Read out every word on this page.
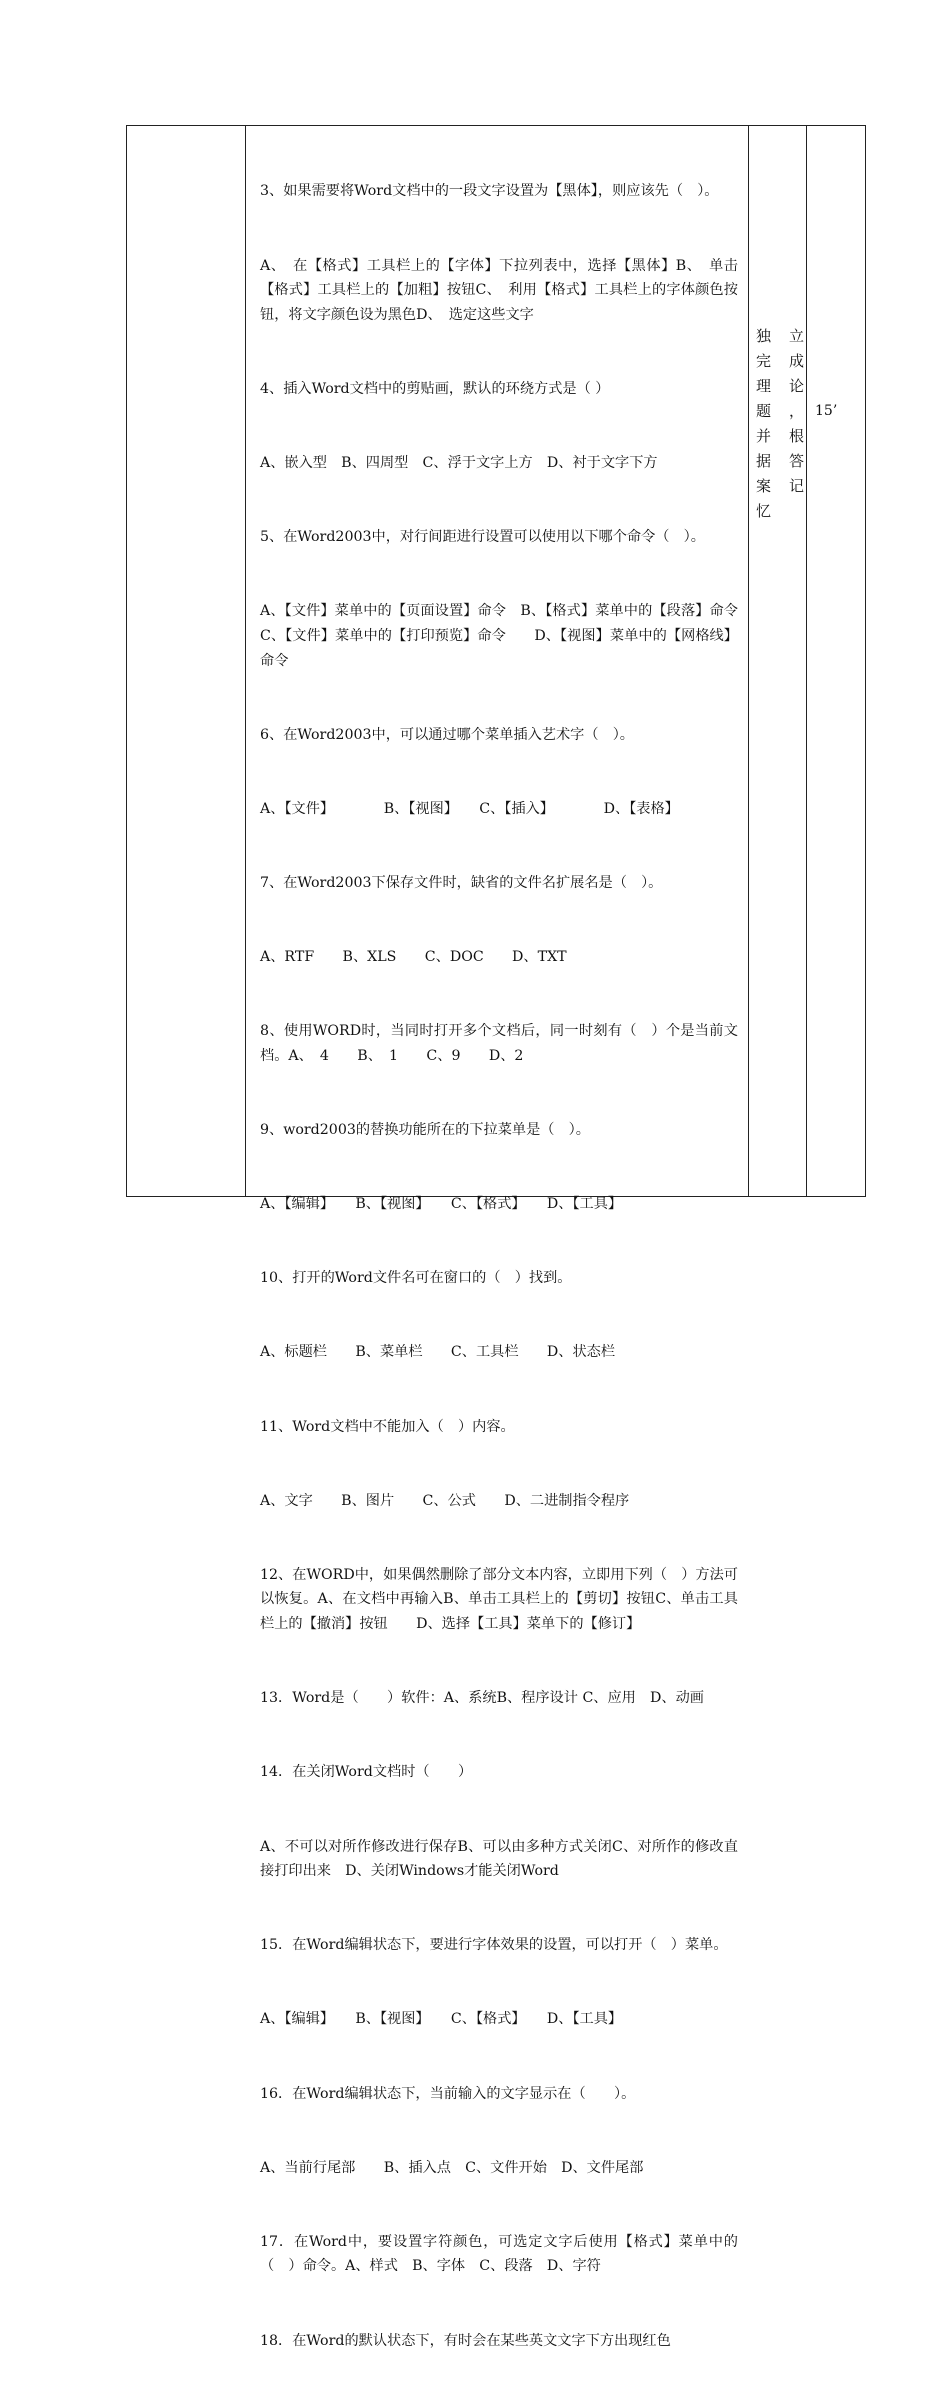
3、如果需要将Word文档中的一段文字设置为【黑体】，则应该先（　）。

A、　在【格式】工具栏上的【字体】下拉列表中，选择【黑体】B、　单击【格式】工具栏上的【加粗】按钮C、　利用【格式】工具栏上的字体颜色按钮，将文字颜色设为黑色D、　选定这些文字

4、插入Word文档中的剪贴画，默认的环绕方式是（ ）

A、嵌入型　B、四周型　C、浮于文字上方　D、衬于文字下方

5、在Word2003中，对行间距进行设置可以使用以下哪个命令（　）。

A、【文件】菜单中的【页面设置】命令　B、【格式】菜单中的【段落】命令C、【文件】菜单中的【打印预览】命令　　D、【视图】菜单中的【网格线】命令

6、在Word2003中，可以通过哪个菜单插入艺术字（　）。

A、【文件】　　　　B、【视图】　　C、【插入】　　　　D、【表格】

7、在Word2003下保存文件时，缺省的文件名扩展名是（　）。

A、RTF　　B、XLS　　C、DOC　　D、TXT

8、使用WORD时，当同时打开多个文档后，同一时刻有（　）个是当前文档。A、　4　　B、　1　　C、9　　D、2

9、word2003的替换功能所在的下拉菜单是（　）。

A、【编辑】　　B、【视图】　　C、【格式】　　D、【工具】

10、打开的Word文件名可在窗口的（　）找到。

A、标题栏　　B、菜单栏　　C、工具栏　　D、状态栏

11、Word文档中不能加入（　）内容。

A、文字　　B、图片　　C、公式　　D、二进制指令程序

12、在WORD中，如果偶然删除了部分文本内容，立即用下列（　）方法可以恢复。A、在文档中再输入B、单击工具栏上的【剪切】按钮C、单击工具栏上的【撤消】按钮　　D、选择【工具】菜单下的【修订】

13．Word是（　　）软件：A、系统B、程序设计 C、应用　D、动画

14．在关闭Word文档时（　　）

A、不可以对所作修改进行保存B、可以由多种方式关闭C、对所作的修改直接打印出来　D、关闭Windows才能关闭Word

15．在Word编辑状态下，要进行字体效果的设置，可以打开（　）菜单。

A、【编辑】　　B、【视图】　　C、【格式】　　D、【工具】

16．在Word编辑状态下，当前输入的文字显示在（　　）。

A、当前行尾部　　B、插入点　C、文件开始　D、文件尾部

17．在Word中，要设置字符颜色，可选定文字后使用【格式】菜单中的（　）命令。A、样式　B、字体　C、段落　D、字符

18．在Word的默认状态下，有时会在某些英文文字下方出现红色

独立

完成

理论

题，

并根

据答

案记

忆

15’
